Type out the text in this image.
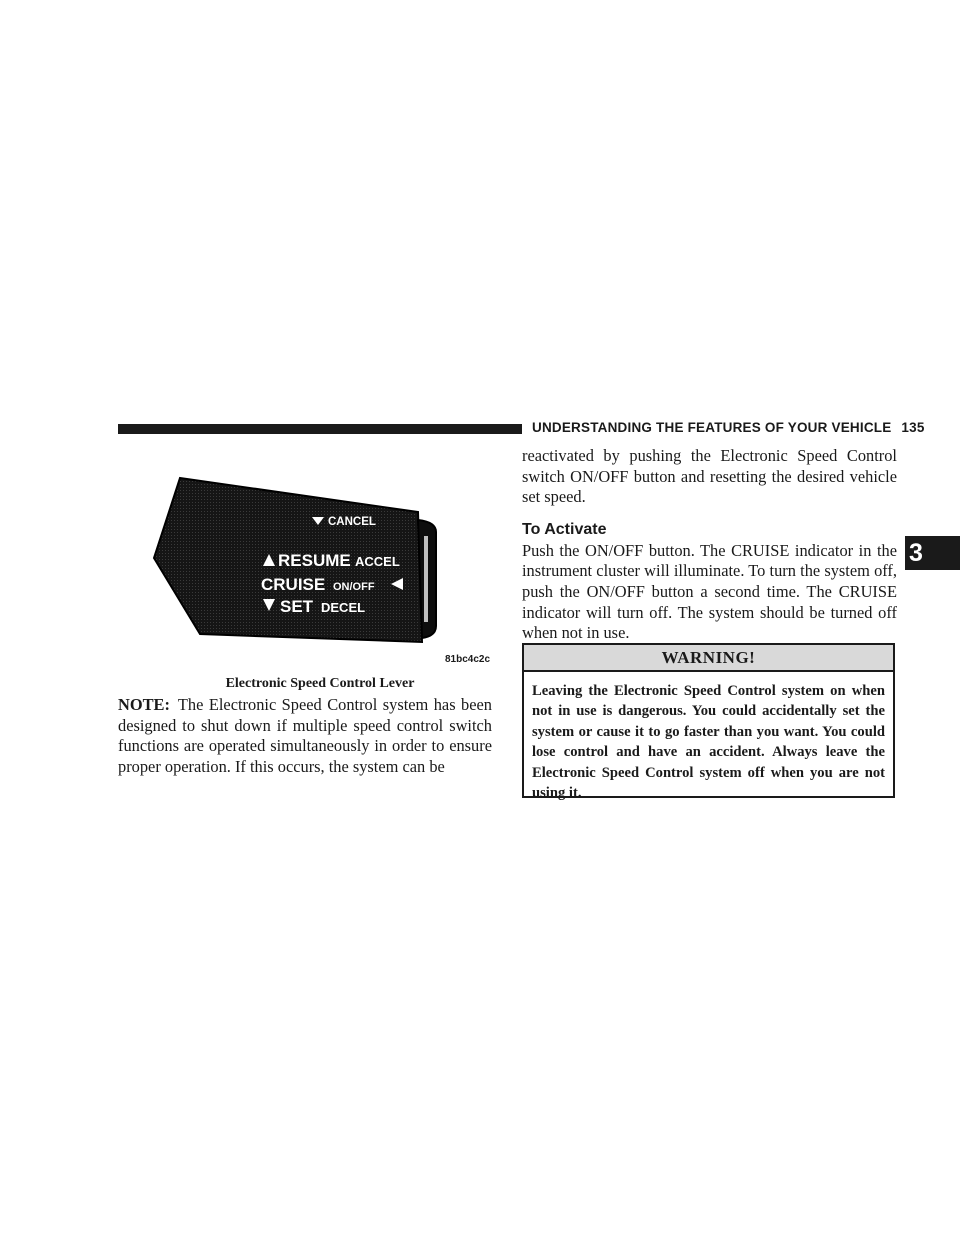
UNDERSTANDING THE FEATURES OF YOUR VEHICLE 135
3
CANCEL
RESUME ACCEL
CRUISE ON/OFF
SET DECEL
81bc4c2c
Electronic Speed Control Lever

NOTE: The Electronic Speed Control system has been designed to shut down if multiple speed control switch functions are operated simultaneously in order to ensure proper operation. If this occurs, the system can be

reactivated by pushing the Electronic Speed Control switch ON/OFF button and resetting the desired vehicle set speed.

To Activate

Push the ON/OFF button. The CRUISE indicator in the instrument cluster will illuminate. To turn the system off, push the ON/OFF button a second time. The CRUISE indicator will turn off. The system should be turned off when not in use.

WARNING!

Leaving the Electronic Speed Control system on when not in use is dangerous. You could accidentally set the system or cause it to go faster than you want. You could lose control and have an accident. Always leave the Electronic Speed Control system off when you are not using it.
